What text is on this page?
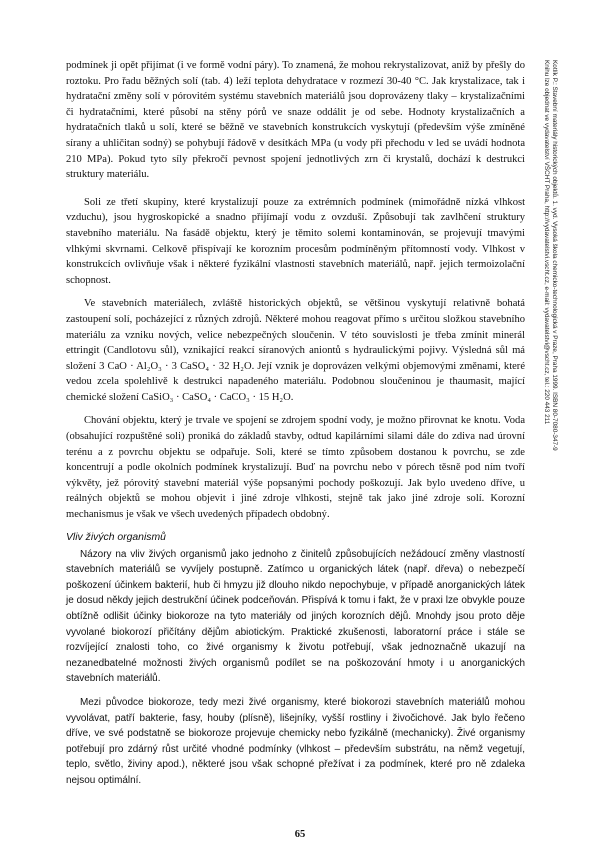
podmínek ji opět přijímat (i ve formě vodní páry). To znamená, že mohou rekrystalizovat, aniž by přešly do roztoku. Pro řadu běžných solí (tab. 4) leží teplota dehydratace v rozmezí 30-40 °C. Jak krystalizace, tak i hydratační změny solí v pórovitém systému stavebních materiálů jsou doprovázeny tlaky – krystalizačními či hydratačními, které působí na stěny pórů ve snaze oddálit je od sebe. Hodnoty krystalizačních a hydratačních tlaků u solí, které se běžně ve stavebních konstrukcích vyskytují (především výše zmíněné sírany a uhličitan sodný) se pohybují řádově v desítkách MPa (u vody při přechodu v led se uvádí hodnota 210 MPa). Pokud tyto síly překročí pevnost spojení jednotlivých zrn či krystalů, dochází k destrukci struktury materiálu.

Soli ze třetí skupiny, které krystalizují pouze za extrémních podmínek (mimořádně nízká vlhkost vzduchu), jsou hygroskopické a snadno přijímají vodu z ovzduší. Způsobují tak zavlhčení struktury stavebního materiálu. Na fasádě objektu, který je těmito solemi kontaminován, se projevují tmavými vlhkými skvrnami. Celkově přispívají ke korozním procesům podmíněným přítomností vody. Vlhkost v konstrukcích ovlivňuje však i některé fyzikální vlastnosti stavebních materiálů, např. jejich termoizolační schopnost.

Ve stavebních materiálech, zvláště historických objektů, se většinou vyskytují relativně bohatá zastoupení solí, pocházející z různých zdrojů. Některé mohou reagovat přímo s určitou složkou stavebního materiálu za vzniku nových, velice nebezpečných sloučenin. V této souvislosti je třeba zmínit minerál ettringit (Candlotovu sůl), vznikající reakcí síranových aniontů s hydraulickými pojivy. Výsledná sůl má složení 3 CaO · Al₂O₃ · 3 CaSO₄ · 32 H₂O. Její vznik je doprovázen velkými objemovými změnami, které vedou zcela spolehlivě k destrukci napadeného materiálu. Podobnou sloučeninou je thaumasit, mající chemické složení CaSiO₃ · CaSO₄ · CaCO₃ · 15 H₂O.

Chování objektu, který je trvale ve spojení se zdrojem spodní vody, je možno přirovnat ke knotu. Voda (obsahující rozpuštěné soli) proniká do základů stavby, odtud kapilárními silami dále do zdiva nad úrovní terénu a z povrchu objektu se odpařuje. Soli, které se tímto způsobem dostanou k povrchu, se zde koncentrují a podle okolních podmínek krystalizují. Buď na povrchu nebo v pórech těsně pod ním tvoří výkvěty, jež pórovitý stavební materiál výše popsanými pochody poškozují. Jak bylo uvedeno dříve, u reálných objektů se mohou objevit i jiné zdroje vlhkosti, stejně tak jako jiné zdroje solí. Korozní mechanismus je však ve všech uvedených případech obdobný.

Vliv živých organismů

Názory na vliv živých organismů jako jednoho z činitelů způsobujících nežádoucí změny vlastností stavebních materiálů se vyvíjely postupně. Zatímco u organických látek (např. dřeva) o nebezpečí poškození účinkem bakterií, hub či hmyzu již dlouho nikdo nepochybuje, v případě anorganických látek je dosud někdy jejich destrukční účinek podceňován. Přispívá k tomu i fakt, že v praxi lze obvykle pouze obtížně odlišit účinky biokoroze na tyto materiály od jiných korozních dějů. Mnohdy jsou proto děje vyvolané biokorozí přičítány dějům abiotickým. Praktické zkušenosti, laboratorní práce i stále se rozvíjející znalosti toho, co živé organismy k životu potřebují, však jednoznačně ukazují na nezanedbatelné možnosti živých organismů podílet se na poškozování hmoty i u anorganických stavebních materiálů.

Mezi původce biokoroze, tedy mezi živé organismy, které biokorozi stavebních materiálů mohou vyvolávat, patří bakterie, fasy, houby (plísně), lišejníky, vyšší rostliny i živočichové. Jak bylo řečeno dříve, ve své podstatně se biokoroze projevuje chemicky nebo fyzikálně (mechanicky). Živé organismy potřebují pro zdárný růst určité vhodné podmínky (vlhkost – především substrátu, na němž vegetují, teplo, světlo, živiny apod.), některé jsou však schopné přežívat i za podmínek, které pro ně zdaleka nejsou optimální.

Kotlík P.: Stavební materiály historických objektů. 1. vyd. Vysoká škola chemicko-technologická v Praze, Praha 1999. ISBN 80-7080-347-9
Knihu lze objednat ve vydavatelství VŠCHT Praha, http://vydavatelstvi.vscht.cz, e-mail: vydavatelstvi@vscht.cz, tel.: 220 443 211
65
